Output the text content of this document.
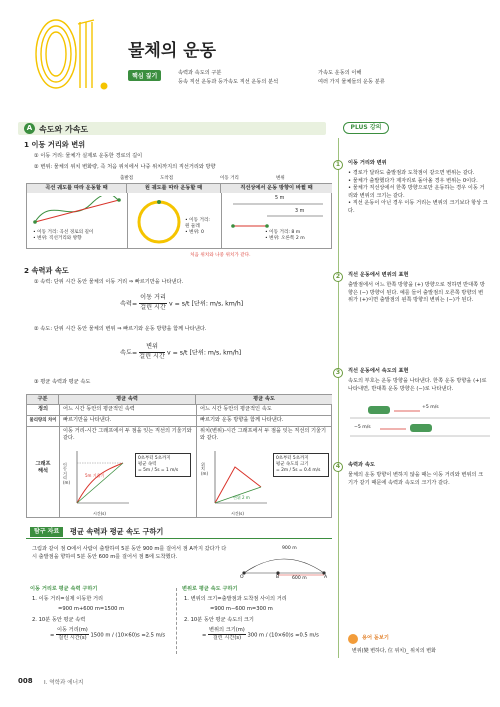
물체의 운동
핵심 짚기	속력과 속도의 구분	가속도 운동의 이해
등속 직선 운동과 등가속도 직선 운동의 분석	여러 가지 물체들의 운동 분류
A 속도와 가속도	PLUS 강의
1 이동 거리와 변위
① 이동 거리: 물체가 실제로 운동한 경로의 길이
② 변위: 물체의 위치 변화량, 즉 처음 위치에서 나중 위치까지의 직선거리와 방향
출발점	도착점	이동 거리	변위
곡선 궤도를 따라 운동할 때	원 궤도를 따라 운동할 때	직선상에서 운동 방향이 바뀔 때
• 이동 거리: 곡선 경로의 길이
• 변위: 직선거리와 방향
• 이동 거리:
원 둘레
• 변위: 0
5 m
3 m
• 이동 거리: 8 m
• 변위: 오른쪽 2 m
처음 위치와 나중 위치가 같다.
2 속력과 속도
① 속력: 단위 시간 동안 물체의 이동 거리 ⇒ 빠르기만을 나타낸다.
속력= $\frac{\text{이동 거리}}{\text{걸린 시간}}$ v = s/t [단위: m/s, km/h]
② 속도: 단위 시간 동안 물체의 변위 ⇒ 빠르기와 운동 방향을 함께 나타낸다.
속도= $\frac{\text{변위}}{\text{걸린 시간}}$ v = s/t [단위: m/s, km/h]
③ 평균 속력과 평균 속도
구분	평균 속력	평균 속도
정의	어느 시간 동안의 평균적인 속력	어느 시간 동안의 평균적인 속도
물리량의 차이	빠르기만을 나타낸다.	빠르기와 운동 방향을 함께 나타낸다.
그래프
해석
이동 거리-시간 그래프에서 두 점을 잇는 직선의 기울기와 같다.
위치(변위)-시간 그래프에서 두 점을 잇는 직선의 기울기와 같다.
이동 거리(m)
시간(s)
5m 기울기
0초부터 5초까지
평균 속력
= 5m / 5s = 1 m/s
위치(m)
시간(s)
변위 2 m
0초부터 5초까지
평균 속도의 크기
= 2m / 5s = 0.4 m/s
탐구 자료	평균 속력과 평균 속도 구하기
그림과 같이 점 O에서 사람이 출발하여 5분 동안 900 m를 걸어서 점 A까지 갔다가 다시 출발점을 향하여 5분 동안 600 m를 걸어서 점 B에 도착했다.
900 m
600 m
O	B	A
이동 거리로 평균 속력 구하기
1. 이동 거리=실제 이동한 거리
=900 m+600 m=1500 m
2. 10분 동안 평균 속력
= $\frac{\text{이동 거리(m)}}{\text{걸린 시간(s)}} 1500$ m / (10×60)s =2.5 m/s
변위로 평균 속도 구하기
1. 변위의 크기=출발점과 도착점 사이의 거리
=900 m−600 m=300 m
2. 10분 동안 평균 속도의 크기
= $\frac{\text{변위의 크기(m)}}{\text{걸린 시간(s)}} 300$ m / (10×60)s =0.5 m/s
1	이동 거리와 변위
• 경로가 달라도 출발점과 도착점이 같으면 변위는 같다.
• 물체가 출발했다가 제자리로 돌아올 경우 변위는 0이다.
• 물체가 직선상에서 한쪽 방향으로만 운동하는 경우 이동 거리와 변위의 크기는 같다.
• 직선 운동이 아닌 경우 이동 거리는 변위의 크기보다 항상 크다.
2	직선 운동에서 변위의 표현
출발점에서 어느 한쪽 방향을 (+) 방향으로 정하면 반대쪽 방향은 (−) 방향이 된다. 예를 들어 출발점의 오른쪽 방향의 변위가 (+)이면 출발점의 왼쪽 방향의 변위는 (−)가 된다.
3	직선 운동에서 속도의 표현
속도의 부호는 운동 방향을 나타낸다. 한쪽 운동 방향을 (+)로 나타내면, 반대쪽 운동 방향은 (−)로 나타낸다.
+5 m/s
−5 m/s
4	속력과 속도
물체의 운동 방향이 변하지 않을 때는 이동 거리와 변위의 크기가 같기 때문에 속력과 속도의 크기가 같다.
용어 돋보기
변위(變 변하다, 位 위치)_ 위치의 변화
008 I. 역학과 에너지
